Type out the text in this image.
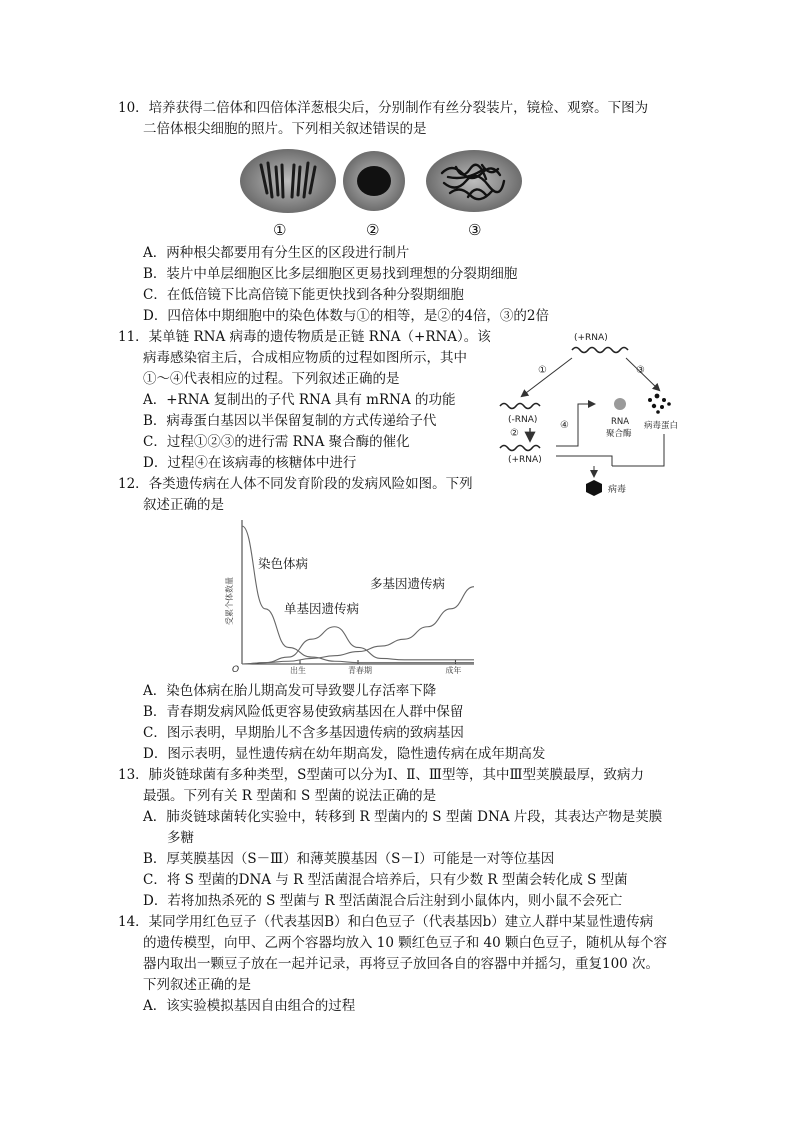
10．培养获得二倍体和四倍体洋葱根尖后，分别制作有丝分裂装片，镜检、观察。下图为
二倍体根尖细胞的照片。下列相关叙述错误的是
①	②	③
A．两种根尖都要用有分生区的区段进行制片
B．装片中单层细胞区比多层细胞区更易找到理想的分裂期细胞
C．在低倍镜下比高倍镜下能更快找到各种分裂期细胞
D．四倍体中期细胞中的染色体数与①的相等，是②的4倍，③的2倍
11．某单链 RNA 病毒的遗传物质是正链 RNA（+RNA）。该
病毒感染宿主后，合成相应物质的过程如图所示，其中
①～④代表相应的过程。下列叙述正确的是
A．+RNA 复制出的子代 RNA 具有 mRNA 的功能
B．病毒蛋白基因以半保留复制的方式传递给子代
C．过程①②③的进行需 RNA 聚合酶的催化
D．过程④在该病毒的核糖体中进行
(+RNA)
①	③
(-RNA)
②
(+RNA)
④	RNA
聚合酶
病毒蛋白
病毒
12．各类遗传病在人体不同发育阶段的发病风险如图。下列
叙述正确的是
受累个体数量
O	出生	青春期	成年
染色体病
单基因遗传病
多基因遗传病
A．染色体病在胎儿期高发可导致婴儿存活率下降
B．青春期发病风险低更容易使致病基因在人群中保留
C．图示表明，早期胎儿不含多基因遗传病的致病基因
D．图示表明，显性遗传病在幼年期高发，隐性遗传病在成年期高发
13．肺炎链球菌有多种类型，S型菌可以分为Ⅰ、Ⅱ、Ⅲ型等，其中Ⅲ型荚膜最厚，致病力
最强。下列有关 R 型菌和 S 型菌的说法正确的是
A．肺炎链球菌转化实验中，转移到 R 型菌内的 S 型菌 DNA 片段，其表达产物是荚膜
多糖
B．厚荚膜基因（S－Ⅲ）和薄荚膜基因（S－Ⅰ）可能是一对等位基因
C．将 S 型菌的DNA 与 R 型活菌混合培养后，只有少数 R 型菌会转化成 S 型菌
D．若将加热杀死的 S 型菌与 R 型活菌混合后注射到小鼠体内，则小鼠不会死亡
14．某同学用红色豆子（代表基因B）和白色豆子（代表基因b）建立人群中某显性遗传病
的遗传模型，向甲、乙两个容器均放入 10 颗红色豆子和 40 颗白色豆子，随机从每个容
器内取出一颗豆子放在一起并记录，再将豆子放回各自的容器中并摇匀，重复100 次。
下列叙述正确的是
A．该实验模拟基因自由组合的过程
